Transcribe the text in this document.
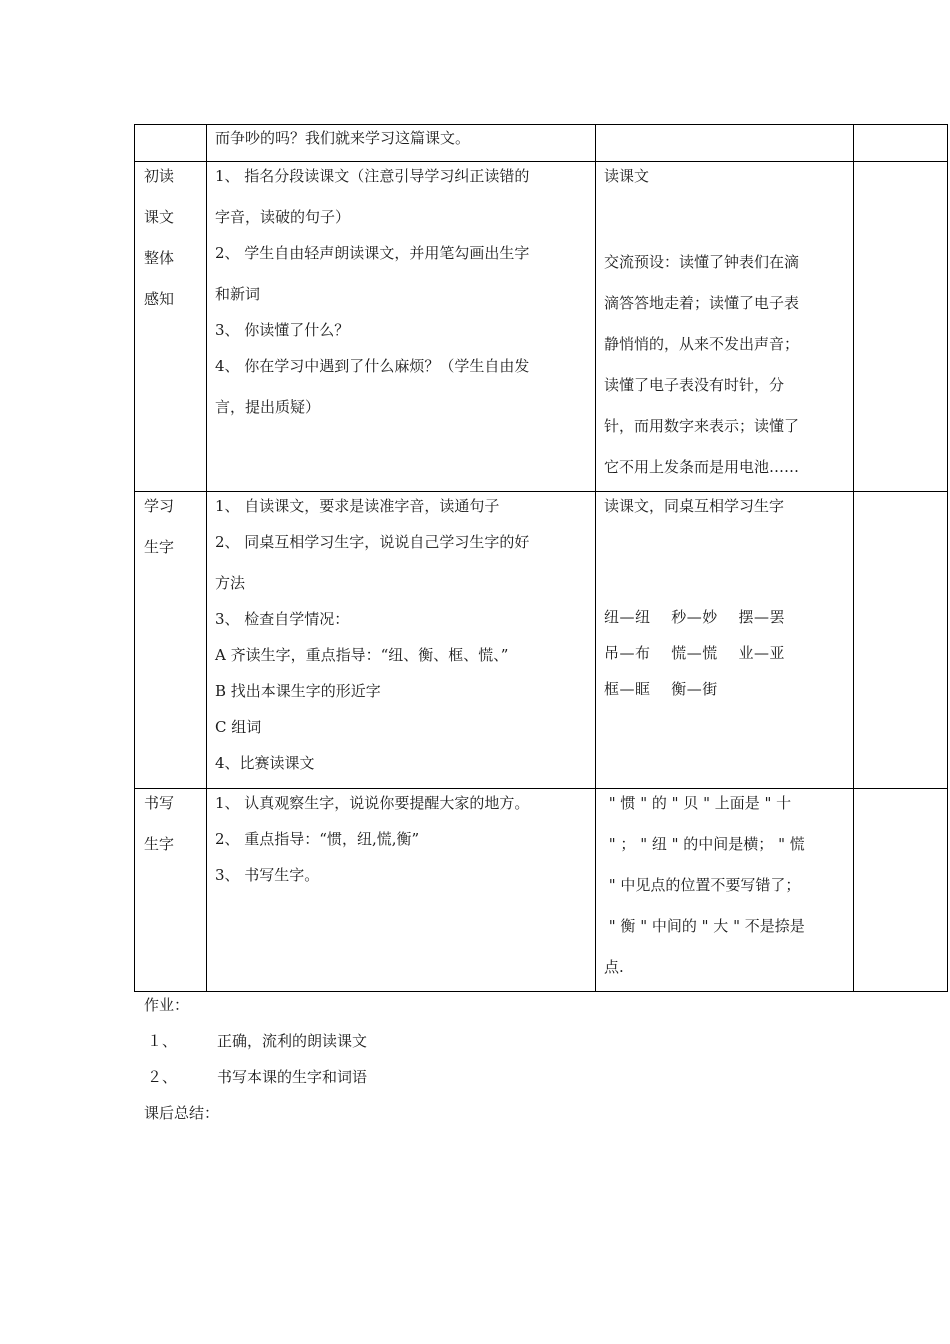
而争吵的吗？我们就来学习这篇课文。
初读
课文
整体
感知
1、 指名分段读课文（注意引导学习纠正读错的
字音，读破的句子）
2、 学生自由轻声朗读课文，并用笔勾画出生字
和新词
3、 你读懂了什么？
4、 你在学习中遇到了什么麻烦？（学生自由发
言，提出质疑）
读课文
交流预设：读懂了钟表们在滴
滴答答地走着；读懂了电子表
静悄悄的，从来不发出声音；
读懂了电子表没有时针，分
针，而用数字来表示；读懂了
它不用上发条而是用电池……
学习
生字
1、 自读课文，要求是读准字音，读通句子
2、 同桌互相学习生字，说说自己学习生字的好
方法
3、 检查自学情况：
A 齐读生字，重点指导：“纽、衡、框、慌、”
B 找出本课生字的形近字
C 组词
4、比赛读课文
读课文，同桌互相学习生字
纽—纽　 秒—妙　 摆—罢
吊—布　 慌—慌　 业—亚
框—眶　 衡—街
书写
生字
1、 认真观察生字，说说你要提醒大家的地方。
2、 重点指导：“惯，纽,慌,衡”
3、 书写生字。
" 惯 " 的 " 贝 " 上面是 " 十
" ； " 纽 " 的中间是横； " 慌
" 中见点的位置不要写错了；
" 衡 " 中间的 " 大 " 不是捺是
点.
作业：
１、	正确，流利的朗读课文
２、	书写本课的生字和词语
课后总结：
